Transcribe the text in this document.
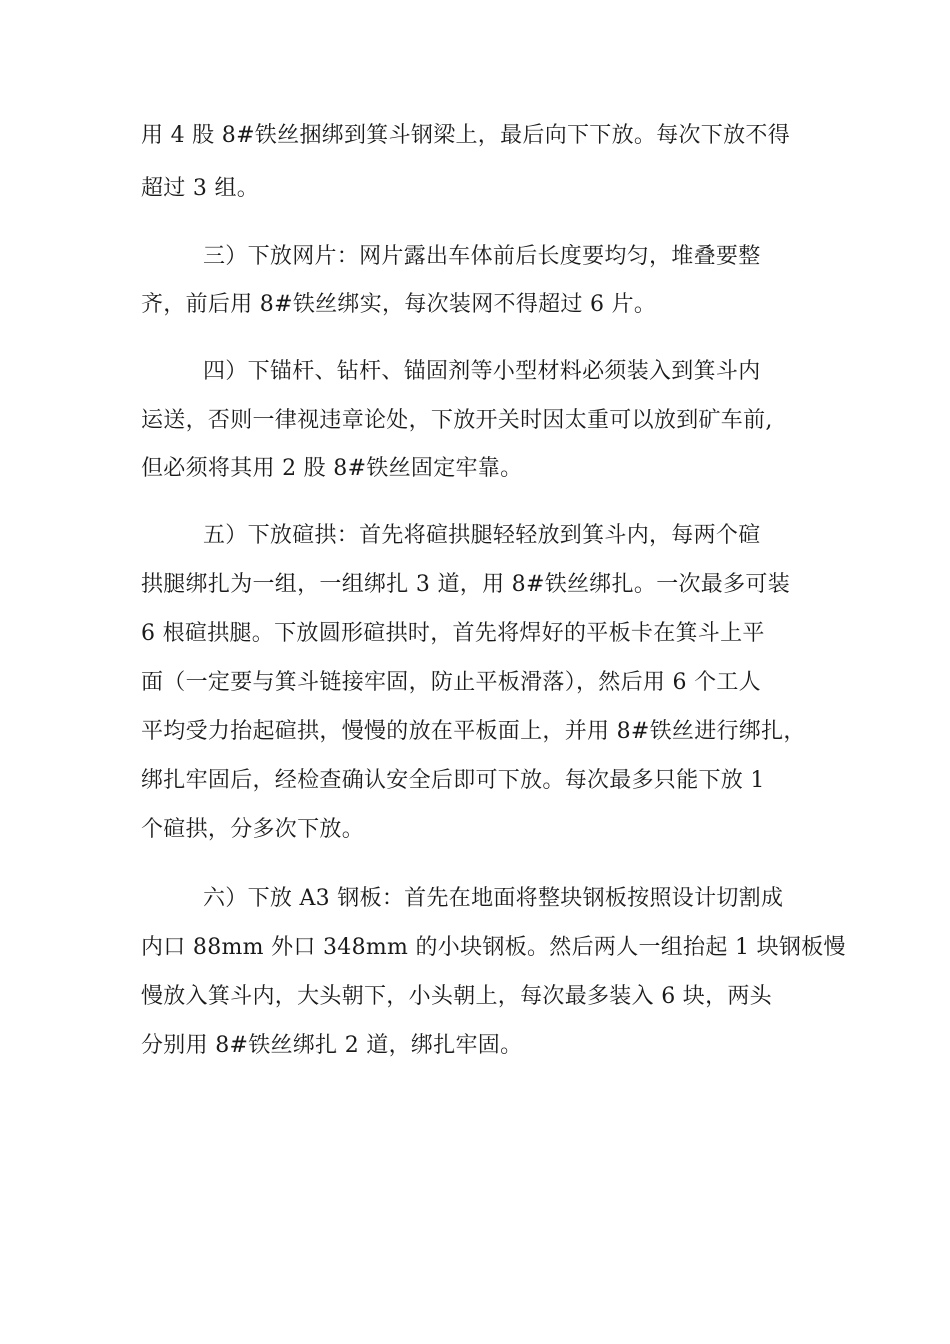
用 4 股 8#铁丝捆绑到箕斗钢梁上，最后向下下放。每次下放不得
超过 3 组。
三）下放网片：网片露出车体前后长度要均匀，堆叠要整
齐，前后用 8#铁丝绑实，每次装网不得超过 6 片。
四）下锚杆、钻杆、锚固剂等小型材料必须装入到箕斗内
运送，否则一律视违章论处，下放开关时因太重可以放到矿车前,
但必须将其用 2 股 8#铁丝固定牢靠。
五）下放碹拱：首先将碹拱腿轻轻放到箕斗内，每两个碹
拱腿绑扎为一组，一组绑扎 3 道，用 8#铁丝绑扎。一次最多可装
6 根碹拱腿。下放圆形碹拱时，首先将焊好的平板卡在箕斗上平
面（一定要与箕斗链接牢固，防止平板滑落），然后用 6 个工人
平均受力抬起碹拱，慢慢的放在平板面上，并用 8#铁丝进行绑扎，
绑扎牢固后，经检查确认安全后即可下放。每次最多只能下放 1
个碹拱，分多次下放。
六）下放 A3 钢板：首先在地面将整块钢板按照设计切割成
内口 88mm 外口 348mm 的小块钢板。然后两人一组抬起 1 块钢板慢
慢放入箕斗内，大头朝下，小头朝上，每次最多装入 6 块，两头
分别用 8#铁丝绑扎 2 道，绑扎牢固。
